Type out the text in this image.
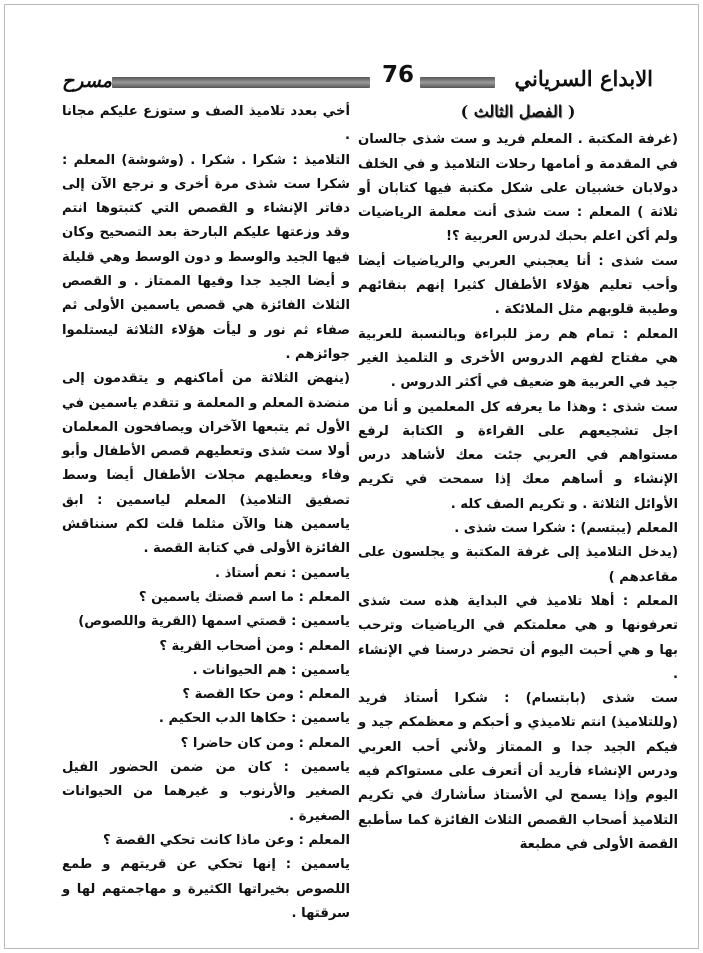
مسرح	76	الابداع السرياني

( الفصل الثالث )

(غرفة المكتبة . المعلم فريد و ست شذى جالسان في المقدمة و أمامها رحلات التلاميذ و في الخلف دولابان خشبيان على شكل مكتبة فيها كتابان أو ثلاثة ) المعلم : ست شذى أنت معلمة الرياضيات ولم أكن اعلم بحبك لدرس العربية ؟!

ست شذى : أنا يعجبني العربي والرياضيات أيضا وأحب تعليم هؤلاء الأطفال كثيرا إنهم بنقائهم وطيبة قلوبهم مثل الملائكة .

المعلم : تمام هم رمز للبراءة وبالنسبة للعربية هي مفتاح لفهم الدروس الأخرى و التلميذ الغير جيد في العربية هو ضعيف في أكثر الدروس .

ست شذى : وهذا ما يعرفه كل المعلمين و أنا من اجل تشجيعهم على القراءة و الكتابة لرفع مستواهم في العربي جئت معك لأشاهد درس الإنشاء و أساهم معك إذا سمحت في تكريم الأوائل الثلاثة . و تكريم الصف كله .

المعلم (يبتسم) : شكرا ست شذى .

(يدخل التلاميذ إلى غرفة المكتبة و يجلسون على مقاعدهم )

المعلم : أهلا تلاميذ في البداية هذه ست شذى تعرفونها و هي معلمتكم في الرياضيات وترحب بها و هي أحبت اليوم أن تحضر درسنا في الإنشاء .

ست شذى (بابتسام) : شكرا أستاذ فريد (وللتلاميذ) انتم تلاميذي و أحبكم و معظمكم جيد و فيكم الجيد جدا و الممتاز ولأني أحب العربي ودرس الإنشاء فأريد أن أتعرف على مستواكم فيه اليوم وإذا يسمح لي الأستاذ سأشارك في تكريم التلاميذ أصحاب القصص الثلاث الفائزة كما سأطبع القصة الأولى في مطبعة

أخي بعدد تلاميذ الصف و ستوزع عليكم مجانا .

التلاميذ : شكرا . شكرا . (وشوشة) المعلم : شكرا ست شذى مرة أخرى و نرجع الآن إلى دفاتر الإنشاء و القصص التي كتبتوها انتم وقد وزعتها عليكم البارحة بعد التصحيح وكان فيها الجيد والوسط و دون الوسط وهي قليلة و أيضا الجيد جدا وفيها الممتاز . و القصص الثلاث الفائزة هي قصص ياسمين الأولى ثم صفاء ثم نور و ليأت هؤلاء الثلاثة ليستلموا جوائزهم .

(ينهض الثلاثة من أماكنهم و يتقدمون إلى منضدة المعلم و المعلمة و تتقدم ياسمين في الأول ثم يتبعها الآخران ويصافحون المعلمان أولا ست شذى وتعطيهم قصص الأطفال وأبو وفاء ويعطيهم مجلات الأطفال أيضا وسط تصفيق التلاميذ) المعلم لياسمين : ابق ياسمين هنا والآن مثلما قلت لكم سنناقش الفائزة الأولى في كتابة القصة .

ياسمين : نعم أستاذ .

المعلم : ما اسم قصتك ياسمين ؟

ياسمين : قصتي اسمها (القرية واللصوص)

المعلم : ومن أصحاب القرية ؟

ياسمين : هم الحيوانات .

المعلم : ومن حكا القصة ؟

ياسمين : حكاها الدب الحكيم .

المعلم : ومن كان حاضرا ؟

ياسمين : كان من ضمن الحضور الفيل الصغير والأرنوب و غيرهما من الحيوانات الصغيرة .

المعلم : وعن ماذا كانت تحكي القصة ؟

ياسمين : إنها تحكي عن قريتهم و طمع اللصوص بخيراتها الكثيرة و مهاجمتهم لها و سرقتها .
